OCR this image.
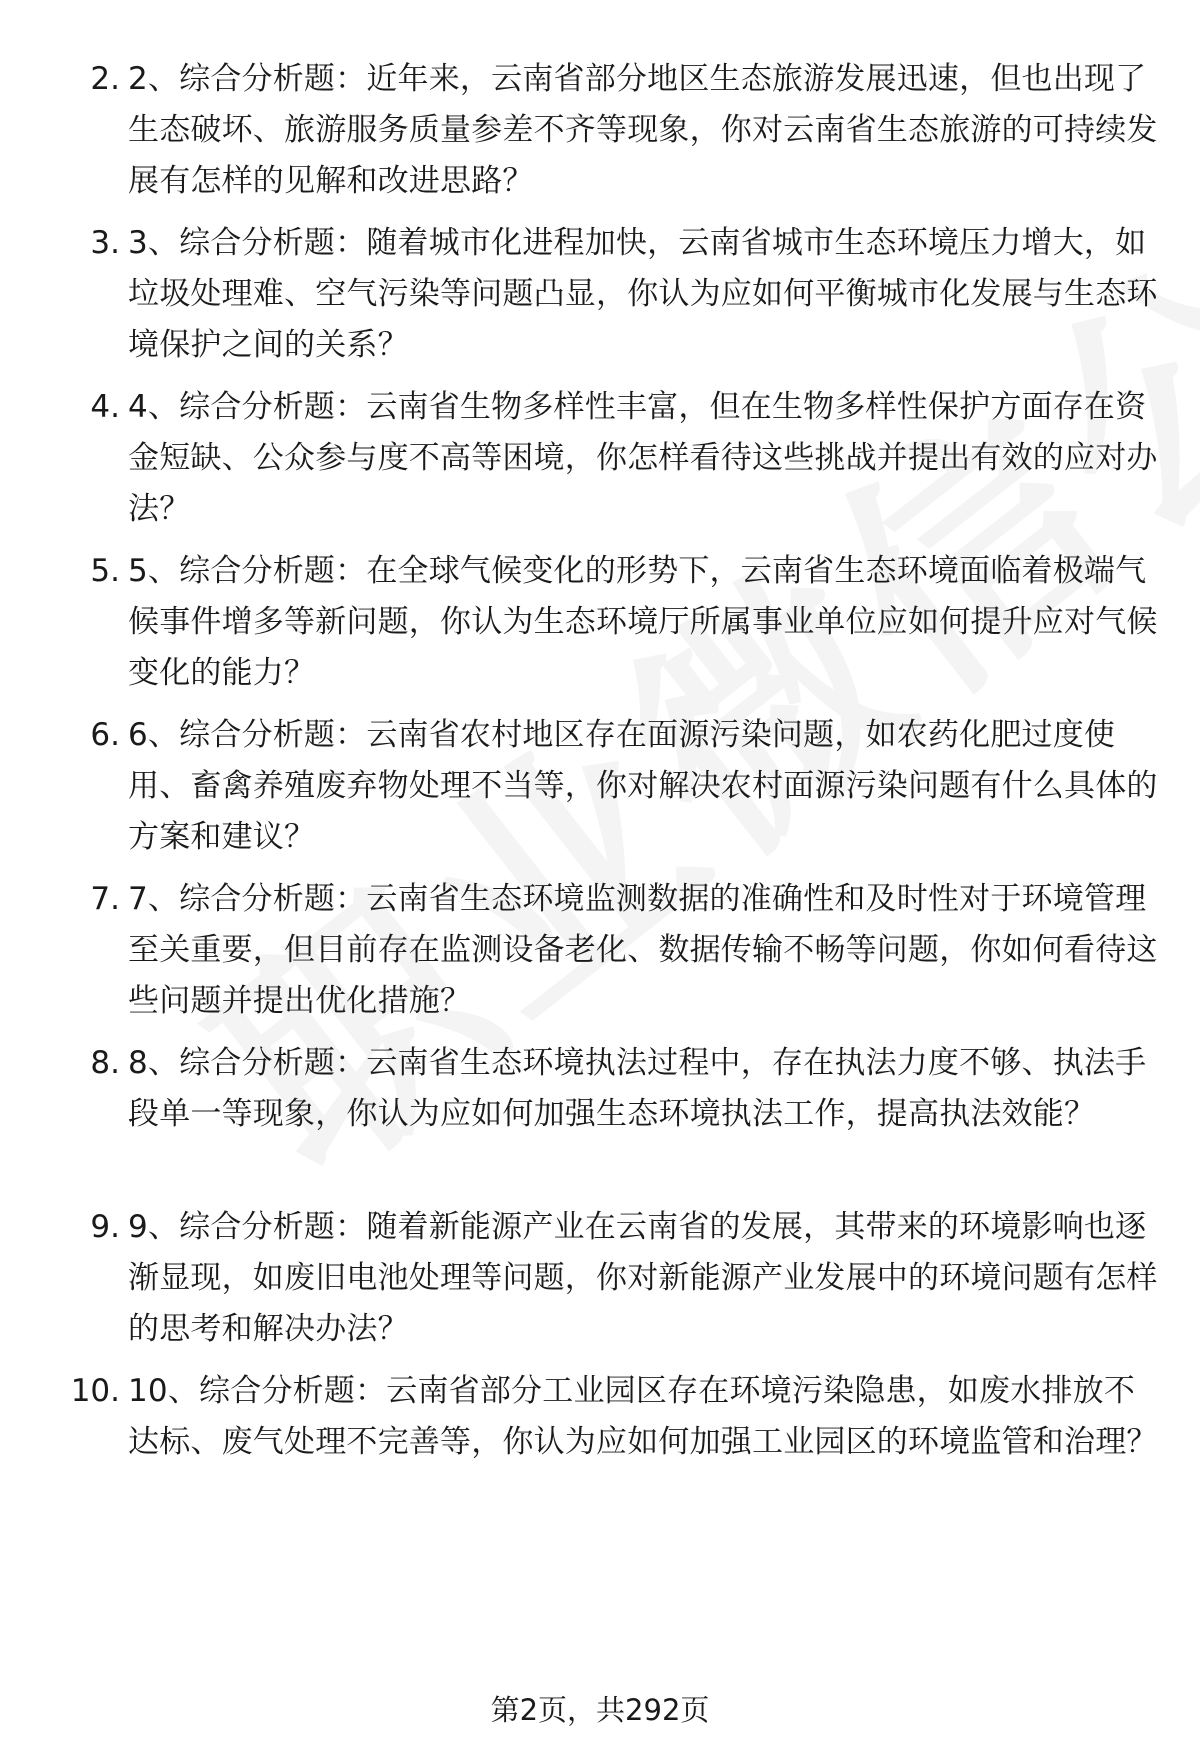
2. 2、综合分析题：近年来，云南省部分地区生态旅游发展迅速，但也出现了生态破坏、旅游服务质量参差不齐等现象，你对云南省生态旅游的可持续发展有怎样的见解和改进思路？
3. 3、综合分析题：随着城市化进程加快，云南省城市生态环境压力增大，如垃圾处理难、空气污染等问题凸显，你认为应如何平衡城市化发展与生态环境保护之间的关系？
4. 4、综合分析题：云南省生物多样性丰富，但在生物多样性保护方面存在资金短缺、公众参与度不高等困境，你怎样看待这些挑战并提出有效的应对办法？
5. 5、综合分析题：在全球气候变化的形势下，云南省生态环境面临着极端气候事件增多等新问题，你认为生态环境厅所属事业单位应如何提升应对气候变化的能力？
6. 6、综合分析题：云南省农村地区存在面源污染问题，如农药化肥过度使用、畜禽养殖废弃物处理不当等，你对解决农村面源污染问题有什么具体的方案和建议？
7. 7、综合分析题：云南省生态环境监测数据的准确性和及时性对于环境管理至关重要，但目前存在监测设备老化、数据传输不畅等问题，你如何看待这些问题并提出优化措施？
8. 8、综合分析题：云南省生态环境执法过程中，存在执法力度不够、执法手段单一等现象，你认为应如何加强生态环境执法工作，提高执法效能？
9. 9、综合分析题：随着新能源产业在云南省的发展，其带来的环境影响也逐渐显现，如废旧电池处理等问题，你对新能源产业发展中的环境问题有怎样的思考和解决办法？
10. 10、综合分析题：云南省部分工业园区存在环境污染隐患，如废水排放不达标、废气处理不完善等，你认为应如何加强工业园区的环境监管和治理？
第2页，共292页
